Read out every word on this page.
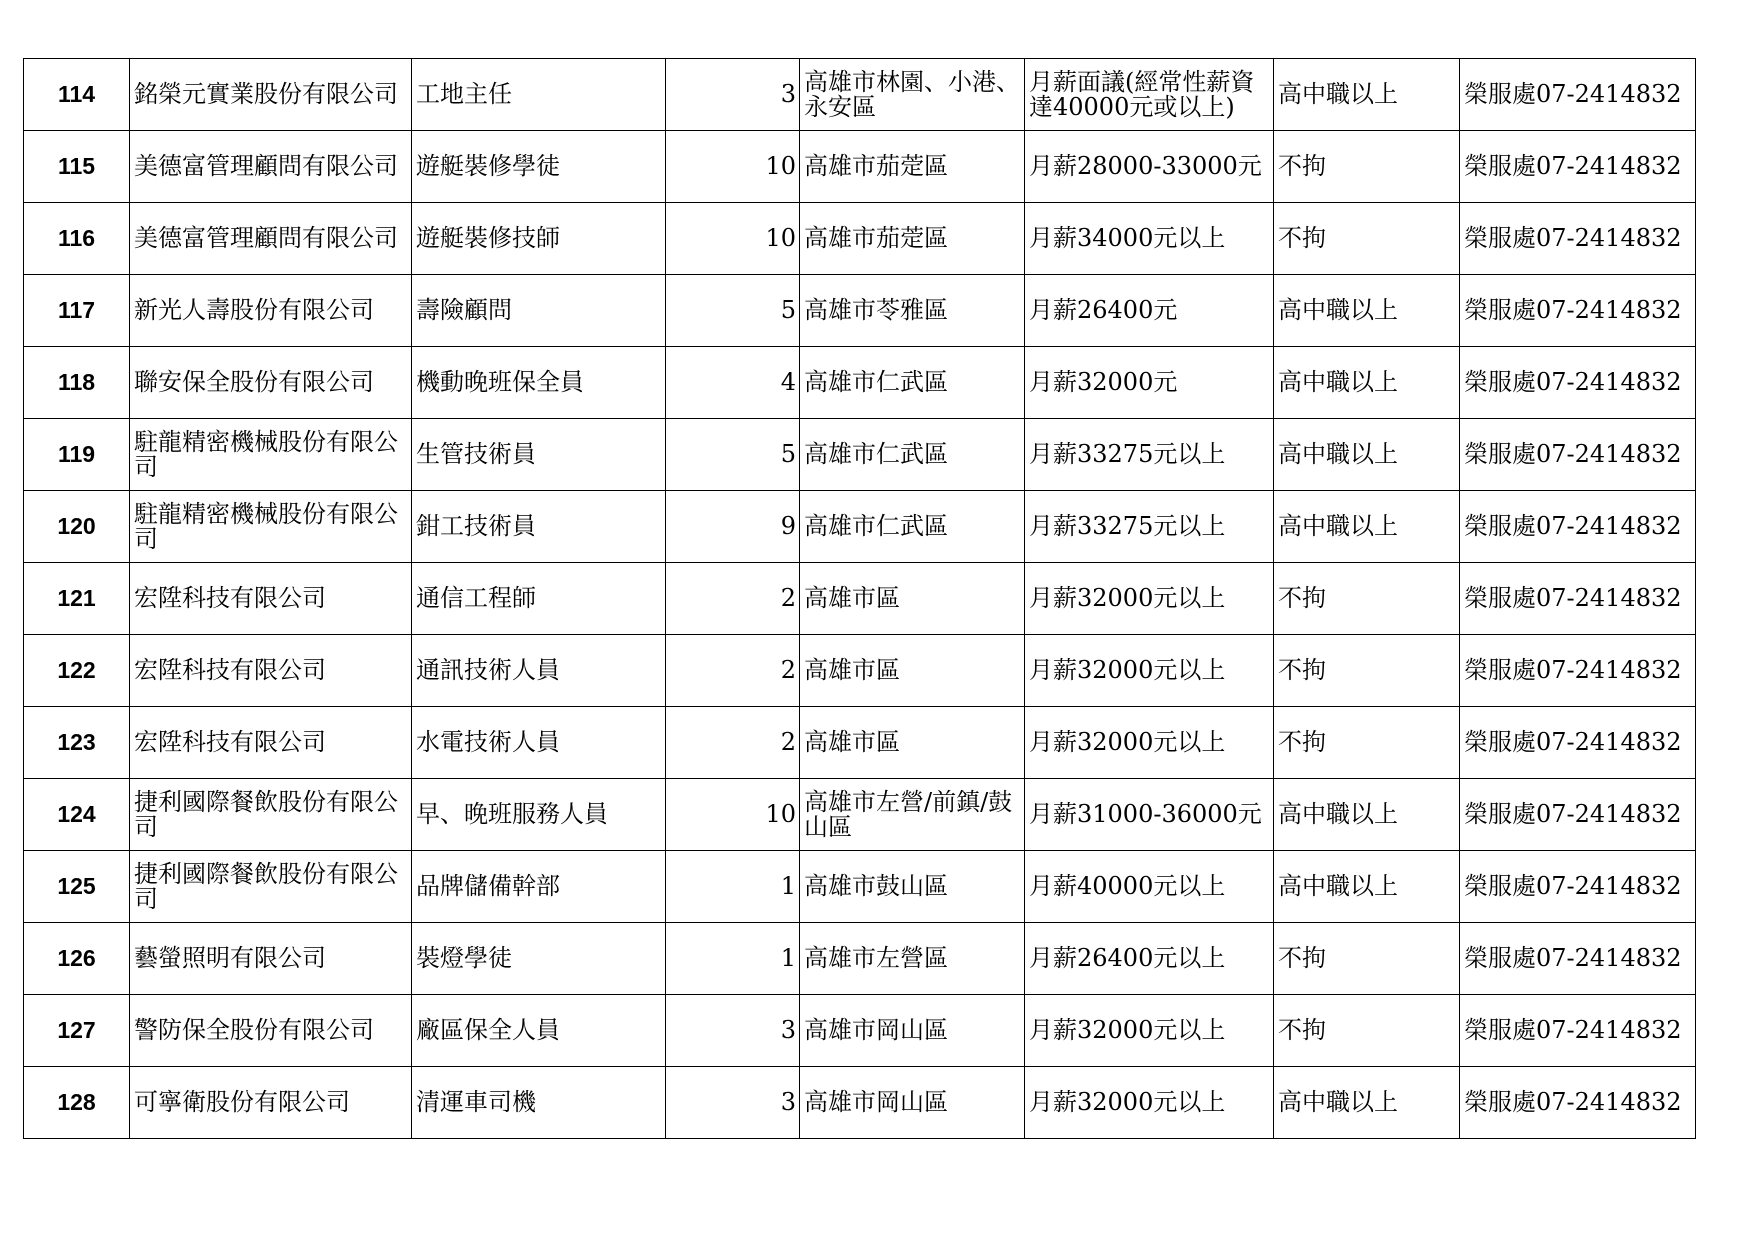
114	銘榮元實業股份有限公司	工地主任	3	高雄市林園、小港、永安區	月薪面議(經常性薪資達40000元或以上)	高中職以上	榮服處07-2414832
115	美德富管理顧問有限公司	遊艇裝修學徒	10	高雄市茄萣區	月薪28000-33000元	不拘	榮服處07-2414832
116	美德富管理顧問有限公司	遊艇裝修技師	10	高雄市茄萣區	月薪34000元以上	不拘	榮服處07-2414832
117	新光人壽股份有限公司	壽險顧問	5	高雄市苓雅區	月薪26400元	高中職以上	榮服處07-2414832
118	聯安保全股份有限公司	機動晚班保全員	4	高雄市仁武區	月薪32000元	高中職以上	榮服處07-2414832
119	駐龍精密機械股份有限公司	生管技術員	5	高雄市仁武區	月薪33275元以上	高中職以上	榮服處07-2414832
120	駐龍精密機械股份有限公司	鉗工技術員	9	高雄市仁武區	月薪33275元以上	高中職以上	榮服處07-2414832
121	宏陞科技有限公司	通信工程師	2	高雄市區	月薪32000元以上	不拘	榮服處07-2414832
122	宏陞科技有限公司	通訊技術人員	2	高雄市區	月薪32000元以上	不拘	榮服處07-2414832
123	宏陞科技有限公司	水電技術人員	2	高雄市區	月薪32000元以上	不拘	榮服處07-2414832
124	捷利國際餐飲股份有限公司	早、晚班服務人員	10	高雄市左營/前鎮/鼓山區	月薪31000-36000元	高中職以上	榮服處07-2414832
125	捷利國際餐飲股份有限公司	品牌儲備幹部	1	高雄市鼓山區	月薪40000元以上	高中職以上	榮服處07-2414832
126	藝螢照明有限公司	裝燈學徒	1	高雄市左營區	月薪26400元以上	不拘	榮服處07-2414832
127	警防保全股份有限公司	廠區保全人員	3	高雄市岡山區	月薪32000元以上	不拘	榮服處07-2414832
128	可寧衛股份有限公司	清運車司機	3	高雄市岡山區	月薪32000元以上	高中職以上	榮服處07-2414832
